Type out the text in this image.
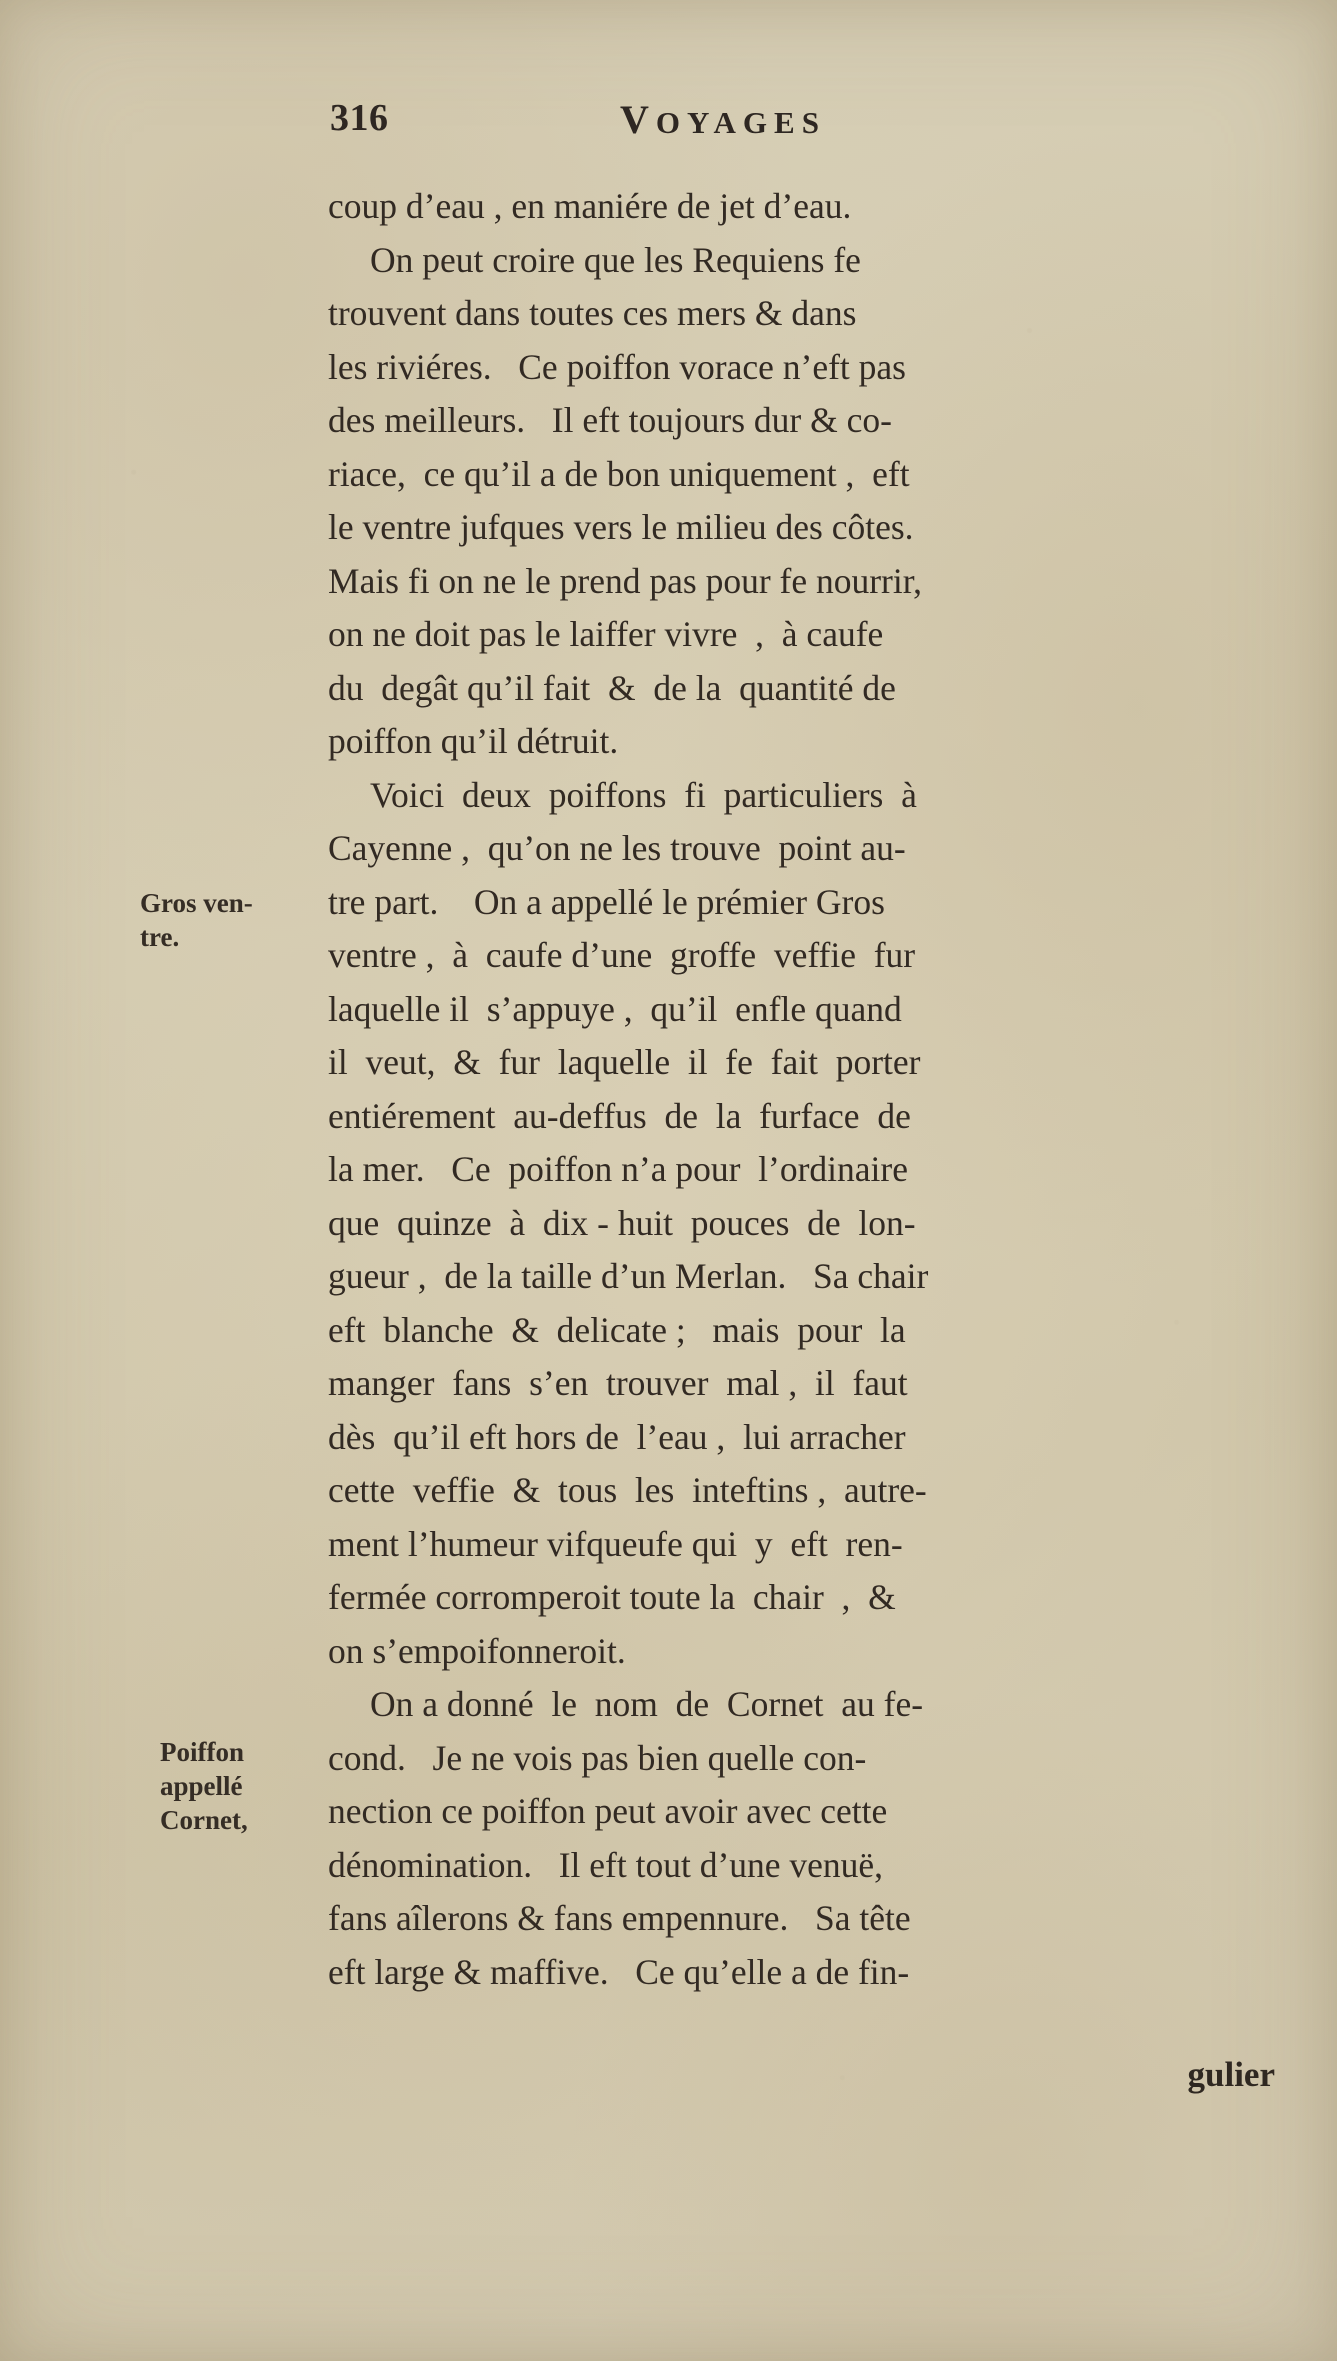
316	VOYAGES
Gros ven-
tre.
Poiffon
appellé
Cornet,
coup d’eau , en maniére de jet d’eau.
On peut croire que les Requiens fe
trouvent dans toutes ces mers & dans
les riviéres.   Ce poiffon vorace n’eft pas
des meilleurs.   Il eft toujours dur & co-
riace,  ce qu’il a de bon uniquement ,  eft
le ventre jufques vers le milieu des côtes.
Mais fi on ne le prend pas pour fe nourrir,
on ne doit pas le laiffer vivre  ,  à caufe
du  degât qu’il fait  &  de la  quantité de
poiffon qu’il détruit.
Voici  deux  poiffons  fi  particuliers  à
Cayenne ,  qu’on ne les trouve  point au-
tre part.    On a appellé le prémier Gros
ventre ,  à  caufe d’une  groffe  veffie  fur
laquelle il  s’appuye ,  qu’il  enfle quand
il  veut,  &  fur  laquelle  il  fe  fait  porter
entiérement  au-deffus  de  la  furface  de
la mer.   Ce  poiffon n’a pour  l’ordinaire
que  quinze  à  dix - huit  pouces  de  lon-
gueur ,  de la taille d’un Merlan.   Sa chair
eft  blanche  &  delicate ;   mais  pour  la
manger  fans  s’en  trouver  mal ,  il  faut
dès  qu’il eft hors de  l’eau ,  lui arracher
cette  veffie  &  tous  les  inteftins ,  autre-
ment l’humeur vifqueufe qui  y  eft  ren-
fermée corromperoit toute la  chair  ,  &
on s’empoifonneroit.
On a donné  le  nom  de  Cornet  au fe-
cond.   Je ne vois pas bien quelle con-
nection ce poiffon peut avoir avec cette
dénomination.   Il eft tout d’une venuë,
fans aîlerons & fans empennure.   Sa tête
eft large & maffive.   Ce qu’elle a de fin-
gulier
